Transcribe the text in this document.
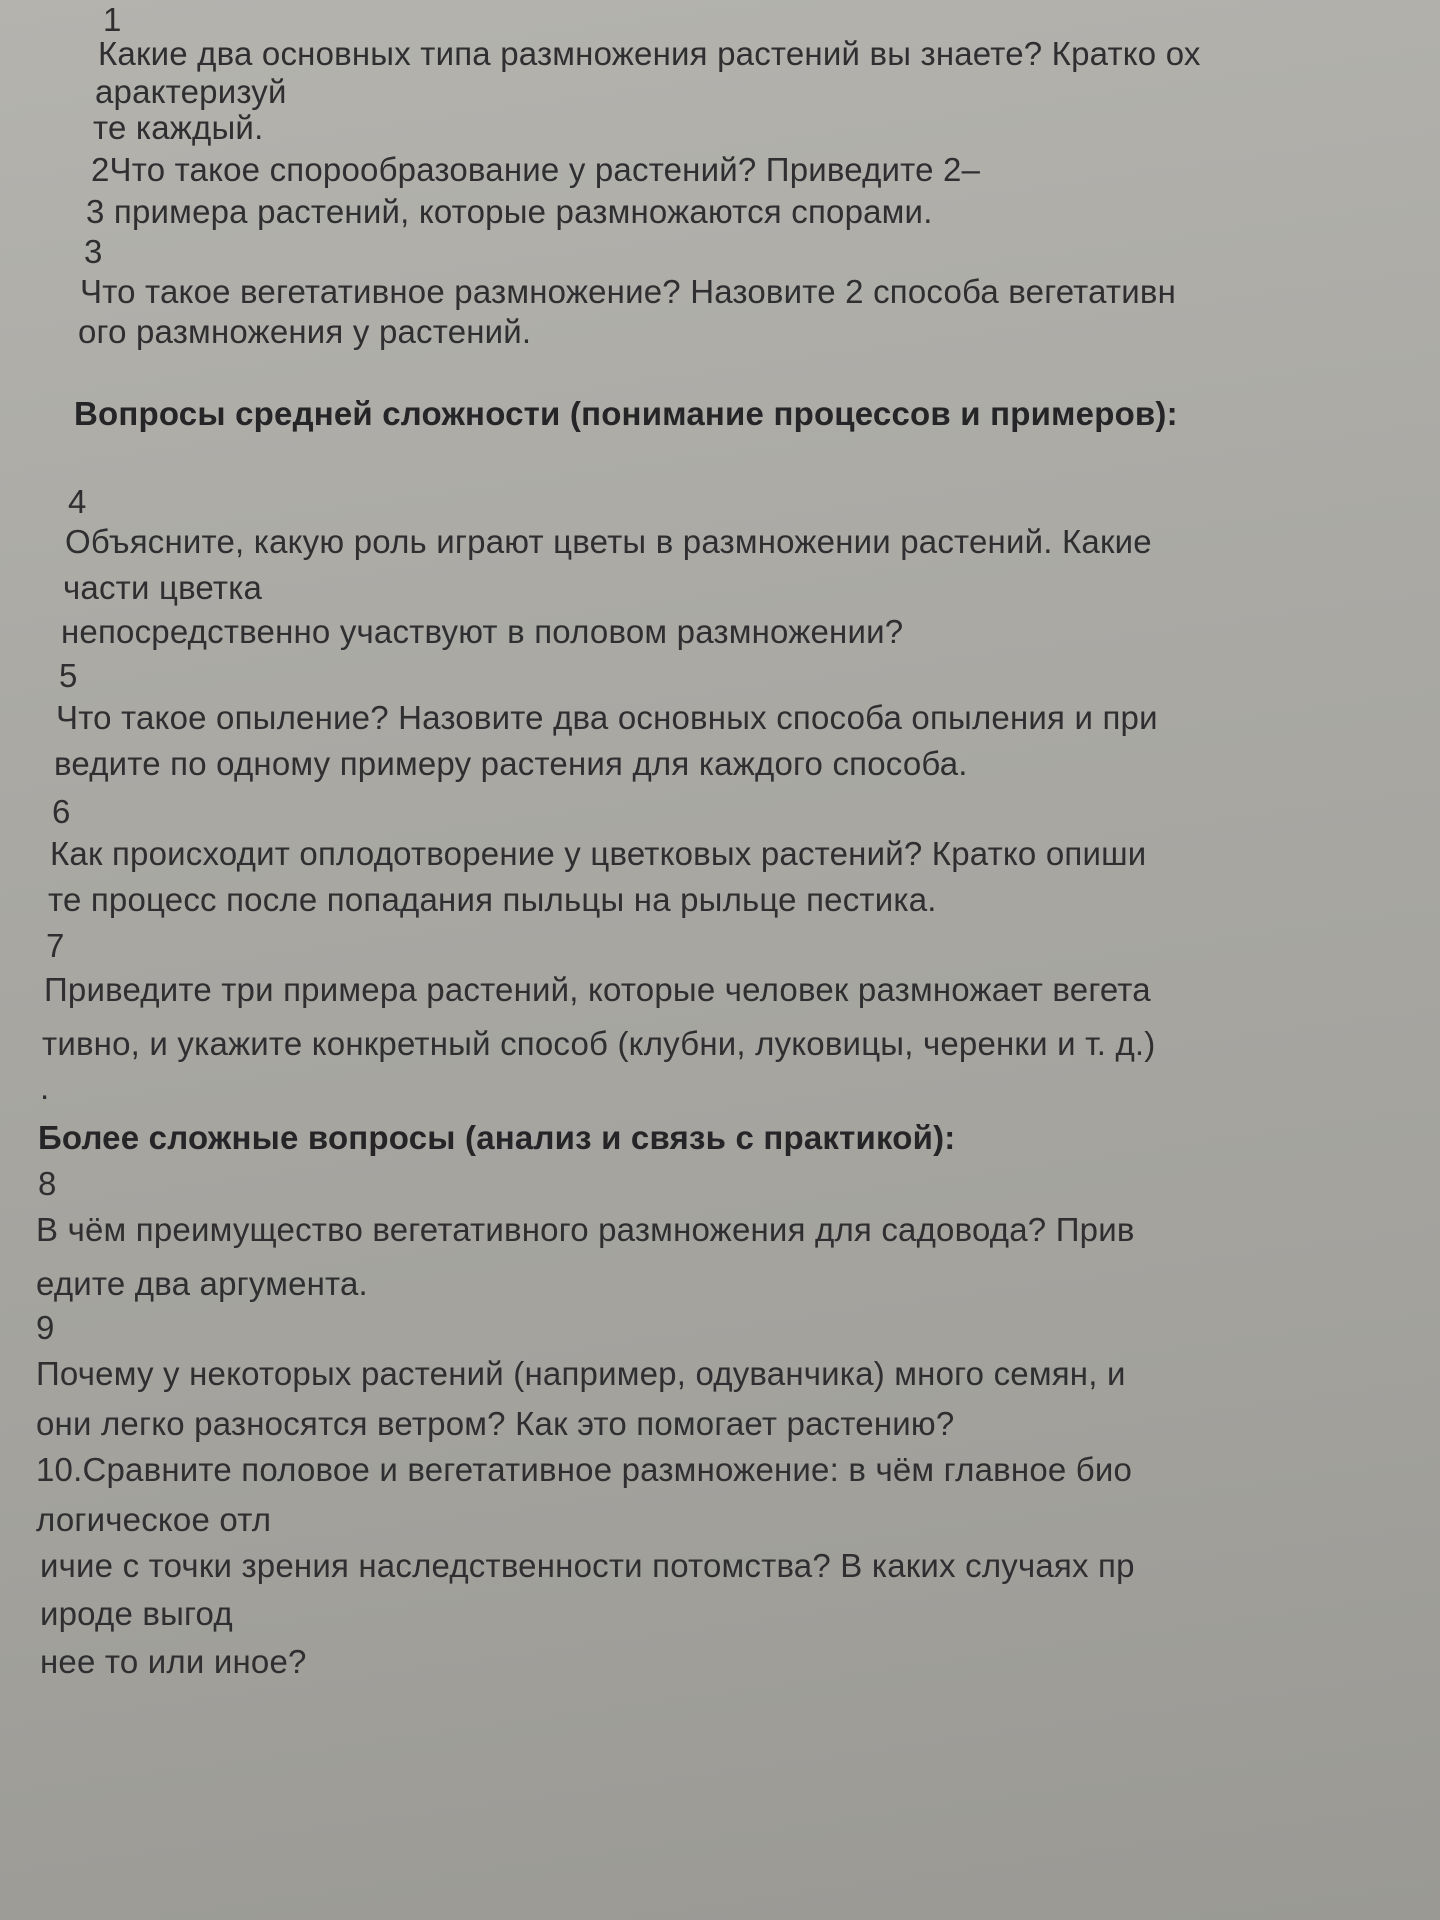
1
Какие два основных типа размножения растений вы знаете? Кратко ох
арактеризуй
те каждый.
2Что такое спорообразование у растений? Приведите 2–
3 примера растений, которые размножаются спорами.
3
Что такое вегетативное размножение? Назовите 2 способа вегетативн
ого размножения у растений.
Вопросы средней сложности (понимание процессов и примеров):
4
Объясните, какую роль играют цветы в размножении растений. Какие
части цветка
непосредственно участвуют в половом размножении?
5
Что такое опыление? Назовите два основных способа опыления и при
ведите по одному примеру растения для каждого способа.
6
Как происходит оплодотворение у цветковых растений? Кратко опиши
те процесс после попадания пыльцы на рыльце пестика.
7
Приведите три примера растений, которые человек размножает вегета
тивно, и укажите конкретный способ (клубни, луковицы, черенки и т. д.)
.
Более сложные вопросы (анализ и связь с практикой):
8
В чём преимущество вегетативного размножения для садовода? Прив
едите два аргумента.
9
Почему у некоторых растений (например, одуванчика) много семян, и
они легко разносятся ветром? Как это помогает растению?
10.Сравните половое и вегетативное размножение: в чём главное био
логическое отл
ичие с точки зрения наследственности потомства? В каких случаях пр
ироде выгод
нее то или иное?
